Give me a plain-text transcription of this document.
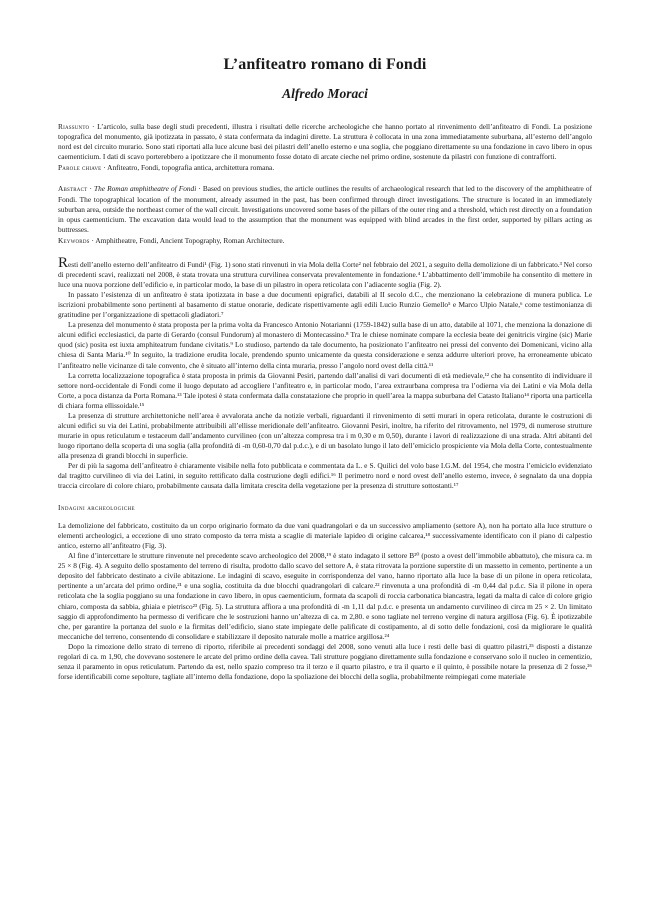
L’anfiteatro romano di Fondi
Alfredo Moraci
Riassunto · L’articolo, sulla base degli studi precedenti, illustra i risultati delle ricerche archeologiche che hanno portato al rinvenimento dell’anfiteatro di Fondi. La posizione topografica del monumento, già ipotizzata in passato, è stata confermata da indagini dirette. La struttura è collocata in una zona immediatamente suburbana, all’esterno dell’angolo nord est del circuito murario. Sono stati riportati alla luce alcune basi dei pilastri dell’anello esterno e una soglia, che poggiano direttamente su una fondazione in cavo libero in opus caementicium. I dati di scavo porterebbero a ipotizzare che il monumento fosse dotato di arcate cieche nel primo ordine, sostenute da pilastri con funzione di contrafforti.
Parole chiave · Anfiteatro, Fondi, topografia antica, architettura romana.
Abstract · The Roman amphitheatre of Fondi · Based on previous studies, the article outlines the results of archaeological research that led to the discovery of the amphitheatre of Fondi. The topographical location of the monument, already assumed in the past, has been confirmed through direct investigations. The structure is located in an immediately suburban area, outside the northeast corner of the wall circuit. Investigations uncovered some bases of the pillars of the outer ring and a threshold, which rest directly on a foundation in opus caementicium. The excavation data would lead to the assumption that the monument was equipped with blind arcades in the first order, supported by pillars acting as buttresses.
Keywords · Amphitheatre, Fondi, Ancient Topography, Roman Architecture.

Resti dell’anello esterno dell’anfiteatro di Fundi¹ (Fig. 1) sono stati rinvenuti in via Mola della Corte² nel febbraio del 2021, a seguito della demolizione di un fabbricato.³ Nel corso di precedenti scavi, realizzati nel 2008, è stata trovata una struttura curvilinea conservata prevalentemente in fondazione.⁴ L’abbattimento dell’immobile ha consentito di mettere in luce una nuova porzione dell’edificio e, in particolar modo, la base di un pilastro in opera reticolata con l’adiacente soglia (Fig. 2).

In passato l’esistenza di un anfiteatro è stata ipotizzata in base a due documenti epigrafici, databili al II secolo d.C., che menzionano la celebrazione di munera publica. Le iscrizioni probabilmente sono pertinenti al basamento di statue onorarie, dedicate rispettivamente agli edili Lucio Runzio Gemello⁵ e Marco Ulpio Natale,⁶ come testimonianza di gratitudine per l’organizzazione di spettacoli gladiatori.⁷

La presenza del monumento è stata proposta per la prima volta da Francesco Antonio Notarianni (1759-1842) sulla base di un atto, databile al 1071, che menziona la donazione di alcuni edifici ecclesiastici, da parte di Gerardo (consul Fundorum) al monastero di Montecassino.⁸ Tra le chiese nominate compare la ecclesia beate dei genitricis virgine (sic) Marie quod (sic) posita est iuxta amphiteatrum fundane civitatis.⁹ Lo studioso, partendo da tale documento, ha posizionato l’anfiteatro nei pressi del convento dei Domenicani, vicino alla chiesa di Santa Maria.¹⁰ In seguito, la tradizione erudita locale, prendendo spunto unicamente da questa considerazione e senza addurre ulteriori prove, ha erroneamente ubicato l’anfiteatro nelle vicinanze di tale convento, che è situato all’interno della cinta muraria, presso l’angolo nord ovest della città.¹¹

La corretta localizzazione topografica è stata proposta in primis da Giovanni Pesiri, partendo dall’analisi di vari documenti di età medievale,¹² che ha consentito di individuare il settore nord-occidentale di Fondi come il luogo deputato ad accogliere l’anfiteatro e, in particolar modo, l’area extraurbana compresa tra l’odierna via dei Latini e via Mola della Corte, a poca distanza da Porta Romana.¹³ Tale ipotesi è stata confermata dalla constatazione che proprio in quell’area la mappa suburbana del Catasto Italiano¹⁴ riporta una particella di chiara forma ellissoidale.¹⁵

La presenza di strutture architettoniche nell’area è avvalorata anche da notizie verbali, riguardanti il rinvenimento di setti murari in opera reticolata, durante le costruzioni di alcuni edifici su via dei Latini, probabilmente attribuibili all’ellisse meridionale dell’anfiteatro. Giovanni Pesiri, inoltre, ha riferito del ritrovamento, nel 1979, di numerose strutture murarie in opus reticulatum e testaceum dall’andamento curvilineo (con un’altezza compresa tra i m 0,30 e m 0,50), durante i lavori di realizzazione di una strada. Altri abitanti del luogo riportano della scoperta di una soglia (alla profondità di -m 0,60-0,70 dal p.d.c.), e di un basolato lungo il lato dell’emiciclo prospiciente via Mola della Corte, contestualmente alla presenza di grandi blocchi in superficie.

Per di più la sagoma dell’anfiteatro è chiaramente visibile nella foto pubblicata e commentata da L. e S. Quilici del volo base I.G.M. del 1954, che mostra l’emiciclo evidenziato dal tragitto curvilineo di via dei Latini, in seguito rettificato dalla costruzione degli edifici.¹⁶ Il perimetro nord e nord ovest dell’anello esterno, invece, è segnalato da una doppia traccia circolare di colore chiaro, probabilmente causata dalla limitata crescita della vegetazione per la presenza di strutture sottostanti.¹⁷

Indagini archeologiche

La demolizione del fabbricato, costituito da un corpo originario formato da due vani quadrangolari e da un successivo ampliamento (settore A), non ha portato alla luce strutture o elementi archeologici, a eccezione di uno strato composto da terra mista a scaglie di materiale lapideo di origine calcarea,¹⁸ successivamente identificato con il piano di calpestio antico, esterno all’anfiteatro (Fig. 3).

Al fine d’intercettare le strutture rinvenute nel precedente scavo archeologico del 2008,¹⁹ è stato indagato il settore B²⁰ (posto a ovest dell’immobile abbattuto), che misura ca. m 25 × 8 (Fig. 4). A seguito dello spostamento del terreno di risulta, prodotto dallo scavo del settore A, è stata ritrovata la porzione superstite di un massetto in cemento, pertinente a un deposito del fabbricato destinato a civile abitazione. Le indagini di scavo, eseguite in corrispondenza del vano, hanno riportato alla luce la base di un pilone in opera reticolata, pertinente a un’arcata del primo ordine,²¹ e una soglia, costituita da due blocchi quadrangolari di calcare.²² rinvenuta a una profondità di -m 0,44 dal p.d.c. Sia il pilone in opera reticolata che la soglia poggiano su una fondazione in cavo libero, in opus caementicium, formata da scapoli di roccia carbonatica biancastra, legati da malta di calce di colore grigio chiaro, composta da sabbia, ghiaia e pietrisco²³ (Fig. 5). La struttura affiora a una profondità di -m 1,11 dal p.d.c. e presenta un andamento curvilineo di circa m 25 × 2. Un limitato saggio di approfondimento ha permesso di verificare che le sostruzioni hanno un’altezza di ca. m 2,80. e sono tagliate nel terreno vergine di natura argillosa (Fig. 6). È ipotizzabile che, per garantire la portanza del suolo e la firmitas dell’edificio, siano state impiegate delle palificate di costipamento, al di sotto delle fondazioni, così da migliorare le qualità meccaniche del terreno, consentendo di consolidare e stabilizzare il deposito naturale molle a matrice argillosa.²⁴

Dopo la rimozione dello strato di terreno di riporto, riferibile ai precedenti sondaggi del 2008, sono venuti alla luce i resti delle basi di quattro pilastri,²⁵ disposti a distanze regolari di ca. m 1,90, che dovevano sostenere le arcate del primo ordine della cavea. Tali strutture poggiano direttamente sulla fondazione e conservano solo il nucleo in cementizio, senza il paramento in opus reticulatum. Partendo da est, nello spazio compreso tra il terzo e il quarto pilastro, e tra il quarto e il quinto, è possibile notare la presenza di 2 fosse,²⁶ forse identificabili come sepolture, tagliate all’interno della fondazione, dopo la spoliazione dei blocchi della soglia, probabilmente reimpiegati come materiale
